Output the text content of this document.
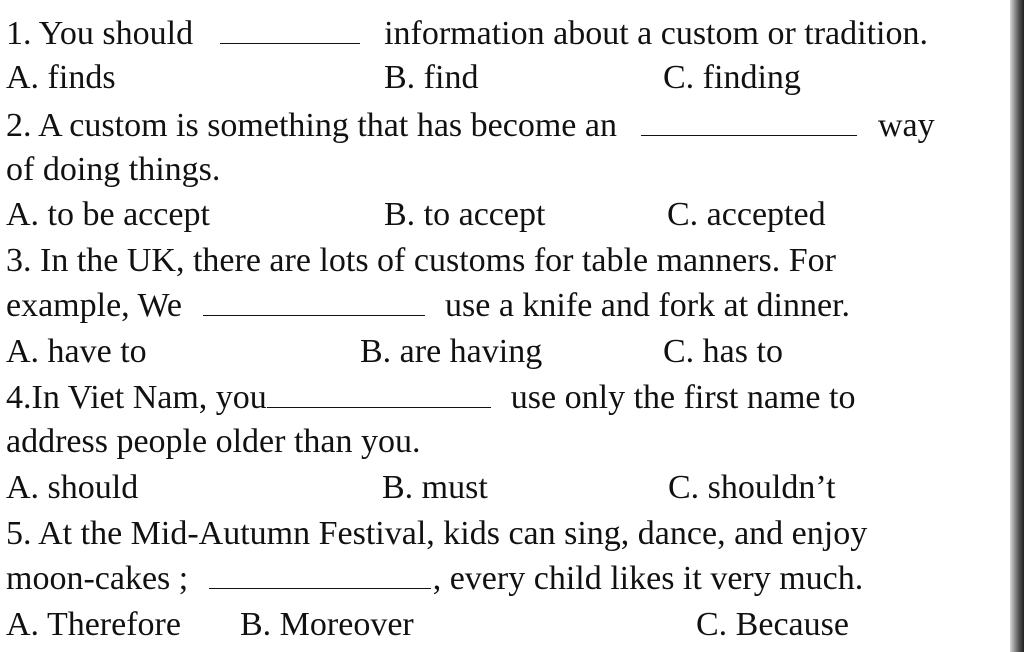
1. You should	information about a custom or tradition.
A. finds	B. find	C. finding
2. A custom is something that has become an	way
of doing things.
A. to be accept	B. to accept	C. accepted
3. In the UK, there are lots of customs for table manners. For
example, We	use a knife and fork at dinner.
A. have to	B. are having	C. has to
4.In Viet Nam, you	use only the first name to
address people older than you.
A. should	B. must	C. shouldn’t
5. At the Mid-Autumn Festival, kids can sing, dance, and enjoy
moon-cakes ;	, every child likes it very much.
A. Therefore B. Moreover	C. Because
